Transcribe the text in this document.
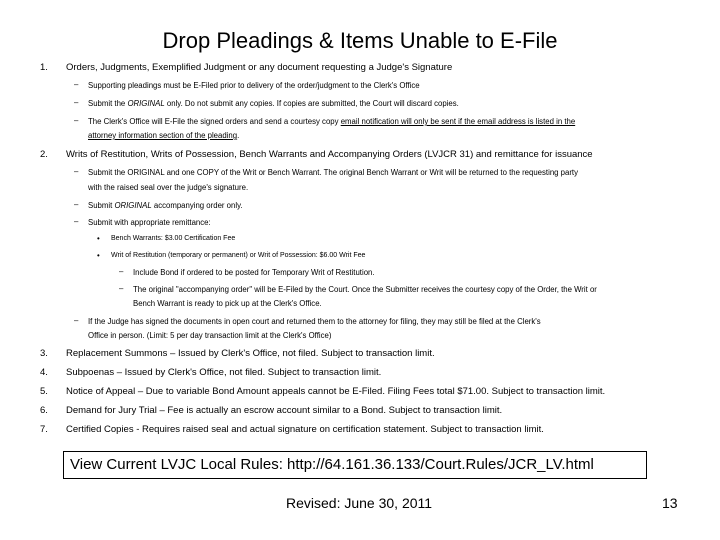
Drop Pleadings & Items Unable to E-File
1. Orders, Judgments, Exemplified Judgment or any document requesting a Judge's Signature
– Supporting pleadings must be E-Filed prior to delivery of the order/judgment to the Clerk's Office
– Submit the ORIGINAL only. Do not submit any copies. If copies are submitted, the Court will discard copies.
– The Clerk's Office will E-File the signed orders and send a courtesy copy email notification will only be sent if the email address is listed in the
attorney information section of the pleading.
2. Writs of Restitution, Writs of Possession, Bench Warrants and Accompanying Orders (LVJCR 31) and remittance for issuance
– Submit the ORIGINAL and one COPY of the Writ or Bench Warrant. The original Bench Warrant or Writ will be returned to the requesting party
with the raised seal over the judge's signature.
– Submit ORIGINAL accompanying order only.
– Submit with appropriate remittance:
• Bench Warrants: $3.00 Certification Fee
• Writ of Restitution (temporary or permanent) or Writ of Possession: $6.00 Writ Fee
– Include Bond if ordered to be posted for Temporary Writ of Restitution.
– The original "accompanying order" will be E-Filed by the Court. Once the Submitter receives the courtesy copy of the Order, the Writ or
Bench Warrant is ready to pick up at the Clerk's Office.
– If the Judge has signed the documents in open court and returned them to the attorney for filing, they may still be filed at the Clerk's
Office in person. (Limit: 5 per day transaction limit at the Clerk's Office)
3. Replacement Summons – Issued by Clerk's Office, not filed. Subject to transaction limit.
4. Subpoenas – Issued by Clerk's Office, not filed. Subject to transaction limit.
5. Notice of Appeal – Due to variable Bond Amount appeals cannot be E-Filed. Filing Fees total $71.00. Subject to transaction limit.
6. Demand for Jury Trial – Fee is actually an escrow account similar to a Bond. Subject to transaction limit.
7. Certified Copies - Requires raised seal and actual signature on certification statement. Subject to transaction limit.
View Current LVJC Local Rules: http://64.161.36.133/Court.Rules/JCR_LV.html
Revised: June 30, 2011	13
